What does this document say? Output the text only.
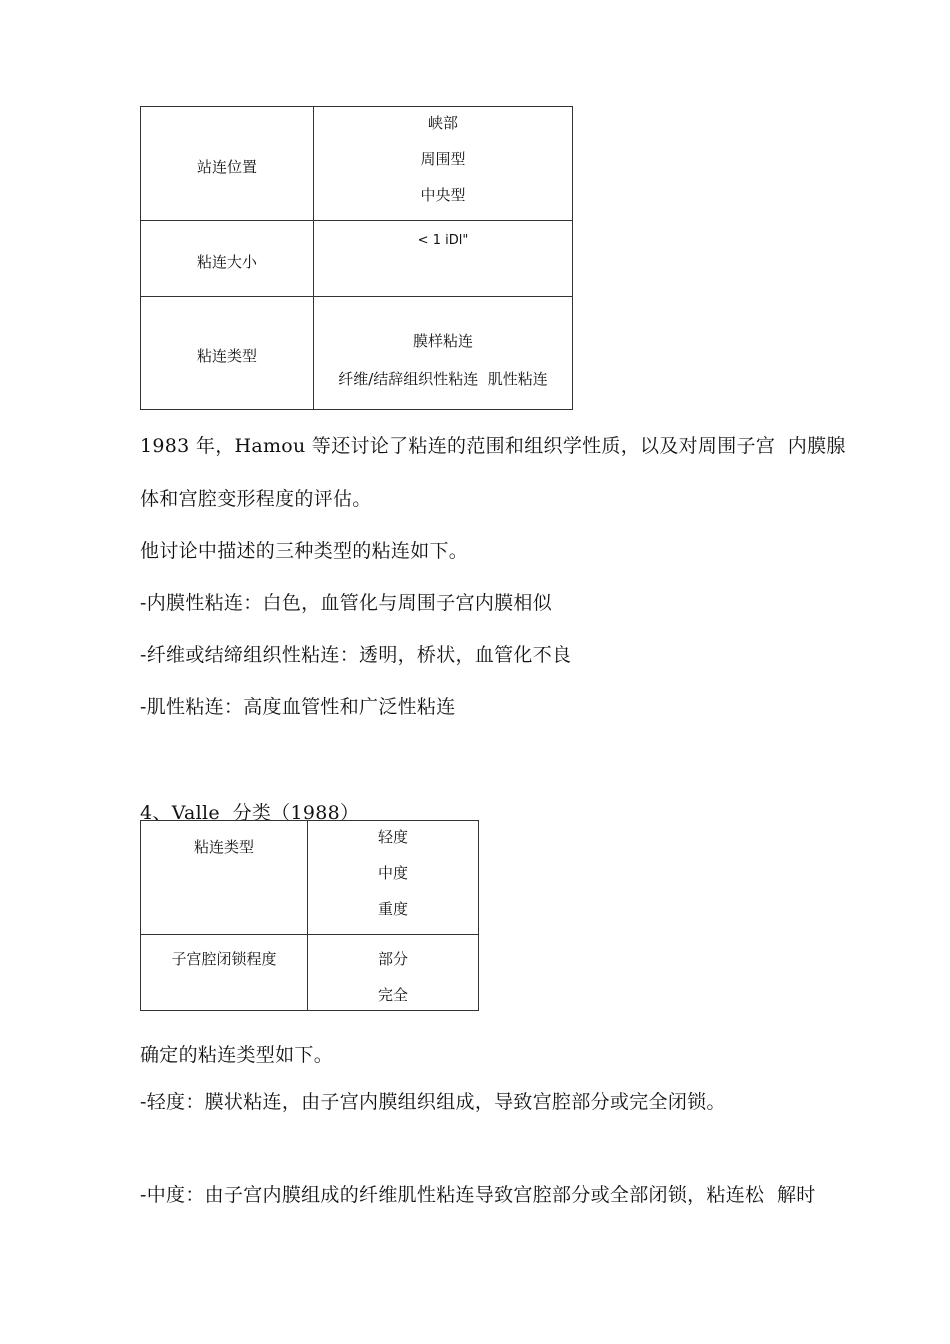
站连位置	峡部
周围型
中央型

粘连大小	< 1 iDl"

粘连类型	膜样粘连
纤维/结辞组织性粘连  肌性粘连
1983 年，Hamou 等还讨论了粘连的范围和组织学性质，以及对周围子宫  内膜腺
体和宫腔变形程度的评估。
他讨论中描述的三种类型的粘连如下。
-内膜性粘连：白色，血管化与周围子宫内膜相似
-纤维或结缔组织性粘连：透明，桥状，血管化不良
-肌性粘连：高度血管性和广泛性粘连
4、Valle  分类（1988）
粘连类型	轻度
中度
重度

子宫腔闭锁程度	部分
完全
确定的粘连类型如下。
-轻度：膜状粘连，由子宫内膜组织组成，导致宫腔部分或完全闭锁。
-中度：由子宫内膜组成的纤维肌性粘连导致宫腔部分或全部闭锁，粘连松  解时
